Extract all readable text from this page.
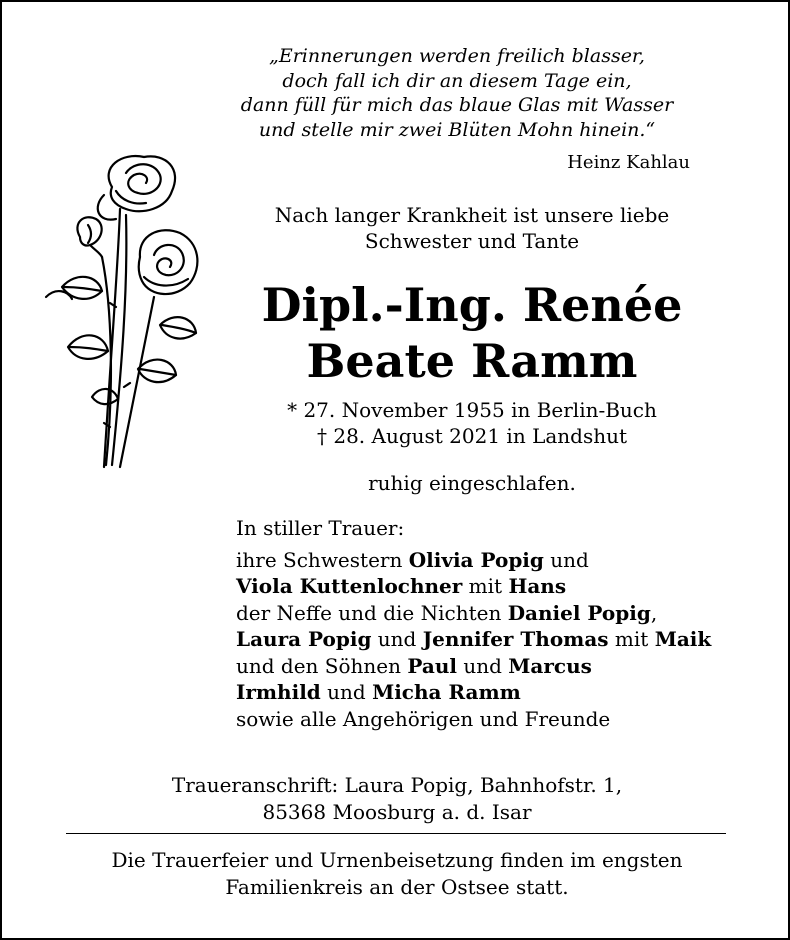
„Erinnerungen werden freilich blasser,
doch fall ich dir an diesem Tage ein,
dann füll für mich das blaue Glas mit Wasser
und stelle mir zwei Blüten Mohn hinein.“
Heinz Kahlau
Nach langer Krankheit ist unsere liebe
Schwester und Tante
Dipl.-Ing. Renée
Beate Ramm
* 27. November 1955 in Berlin-Buch
† 28. August 2021 in Landshut
ruhig eingeschlafen.
In stiller Trauer:
ihre Schwestern Olivia Popig und
Viola Kuttenlochner mit Hans
der Neffe und die Nichten Daniel Popig,
Laura Popig und Jennifer Thomas mit Maik
und den Söhnen Paul und Marcus
Irmhild und Micha Ramm
sowie alle Angehörigen und Freunde
Traueranschrift: Laura Popig, Bahnhofstr. 1,
85368 Moosburg a. d. Isar
Die Trauerfeier und Urnenbeisetzung finden im engsten
Familienkreis an der Ostsee statt.
